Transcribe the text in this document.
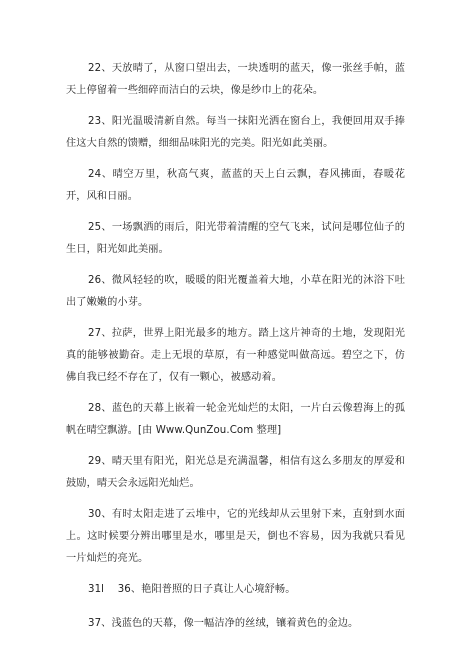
22、天放晴了，从窗口望出去，一块透明的蓝天，像一张丝手帕，蓝天上停留着一些细碎而洁白的云块，像是纱巾上的花朵。

23、阳光温暖清新自然。每当一抹阳光洒在窗台上，我便回用双手捧住这大自然的馈赠，细细品味阳光的完美。阳光如此美丽。

24、晴空万里，秋高气爽，蓝蓝的天上白云飘，春风拂面，春暖花开，风和日丽。

25、一场飘洒的雨后，阳光带着清醒的空气飞来，试问是哪位仙子的生日，阳光如此美丽。

26、微风轻轻的吹，暖暖的阳光覆盖着大地，小草在阳光的沐浴下吐出了嫩嫩的小芽。

27、拉萨，世界上阳光最多的地方。踏上这片神奇的土地，发现阳光真的能够被勤奋。走上无垠的草原，有一种感觉叫做高远。碧空之下，仿佛自我已经不存在了，仅有一颗心，被感动着。

28、蓝色的天幕上嵌着一轮金光灿烂的太阳，一片白云像碧海上的孤帆在晴空飘游。[由 Www.QunZou.Com 整理]

29、晴天里有阳光，阳光总是充满温馨，相信有这么多朋友的厚爱和鼓励，晴天会永远阳光灿烂。

30、有时太阳走进了云堆中，它的光线却从云里射下来，直射到水面上。这时候要分辨出哪里是水，哪里是天，倒也不容易，因为我就只看见一片灿烂的亮光。

31l　 36、艳阳普照的日子真让人心境舒畅。

37、浅蓝色的天幕，像一幅洁净的丝绒，镶着黄色的金边。
